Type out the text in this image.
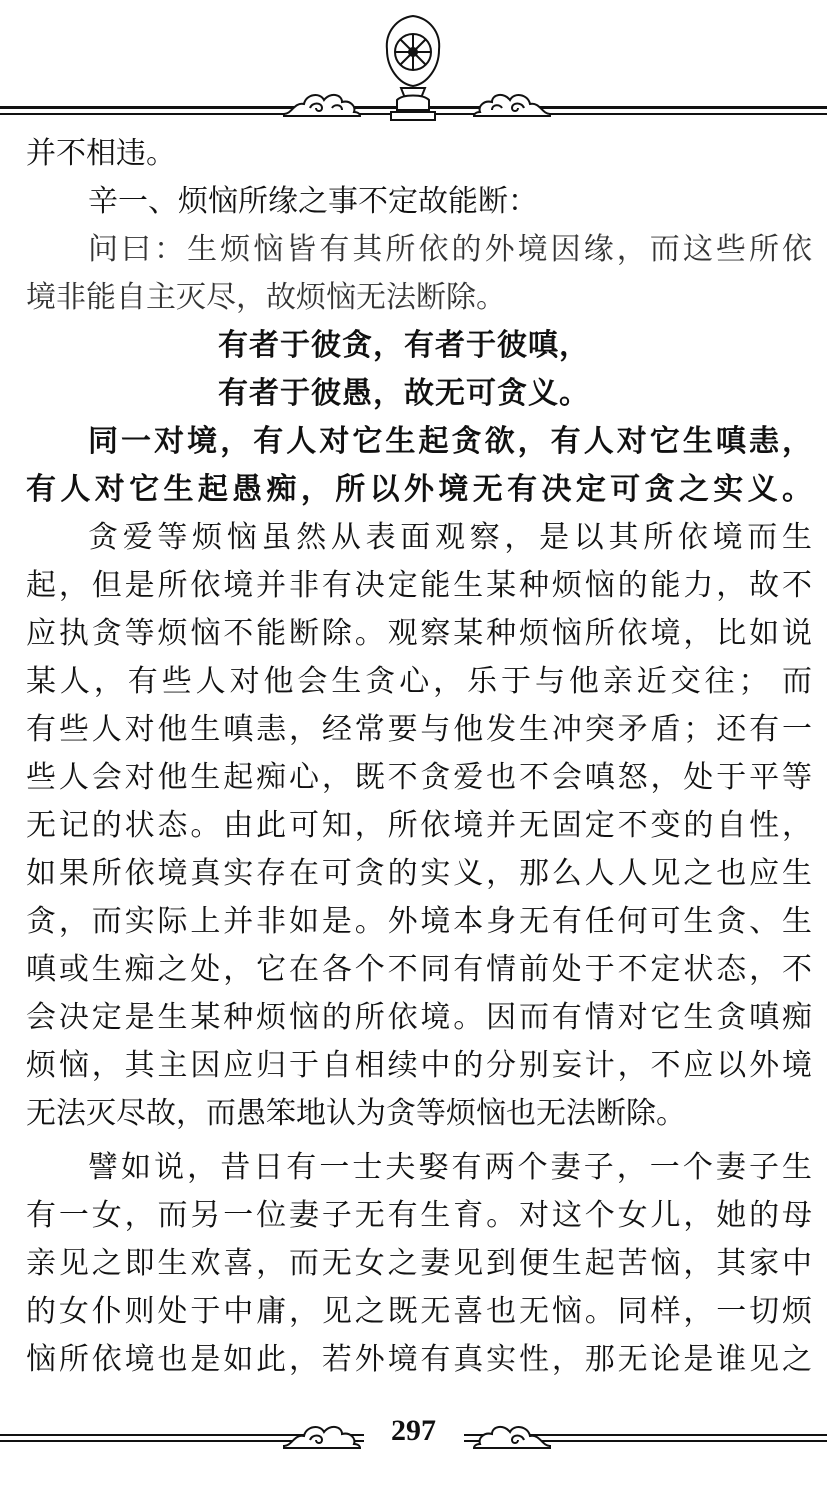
并不相违。
辛一、烦恼所缘之事不定故能断：
问曰：生烦恼皆有其所依的外境因缘，而这些所依
境非能自主灭尽，故烦恼无法断除。
有者于彼贪，有者于彼嗔，
有者于彼愚，故无可贪义。
同一对境，有人对它生起贪欲，有人对它生嗔恚，
有人对它生起愚痴，所以外境无有决定可贪之实义。
贪爱等烦恼虽然从表面观察，是以其所依境而生
起，但是所依境并非有决定能生某种烦恼的能力，故不
应执贪等烦恼不能断除。观察某种烦恼所依境，比如说
某人，有些人对他会生贪心，乐于与他亲近交往； 而
有些人对他生嗔恚，经常要与他发生冲突矛盾；还有一
些人会对他生起痴心，既不贪爱也不会嗔怒，处于平等
无记的状态。由此可知，所依境并无固定不变的自性，
如果所依境真实存在可贪的实义，那么人人见之也应生
贪，而实际上并非如是。外境本身无有任何可生贪、生
嗔或生痴之处，它在各个不同有情前处于不定状态，不
会决定是生某种烦恼的所依境。因而有情对它生贪嗔痴
烦恼，其主因应归于自相续中的分别妄计，不应以外境
无法灭尽故，而愚笨地认为贪等烦恼也无法断除。
譬如说，昔日有一士夫娶有两个妻子，一个妻子生
有一女，而另一位妻子无有生育。对这个女儿，她的母
亲见之即生欢喜，而无女之妻见到便生起苦恼，其家中
的女仆则处于中庸，见之既无喜也无恼。同样，一切烦
恼所依境也是如此，若外境有真实性，那无论是谁见之
297
